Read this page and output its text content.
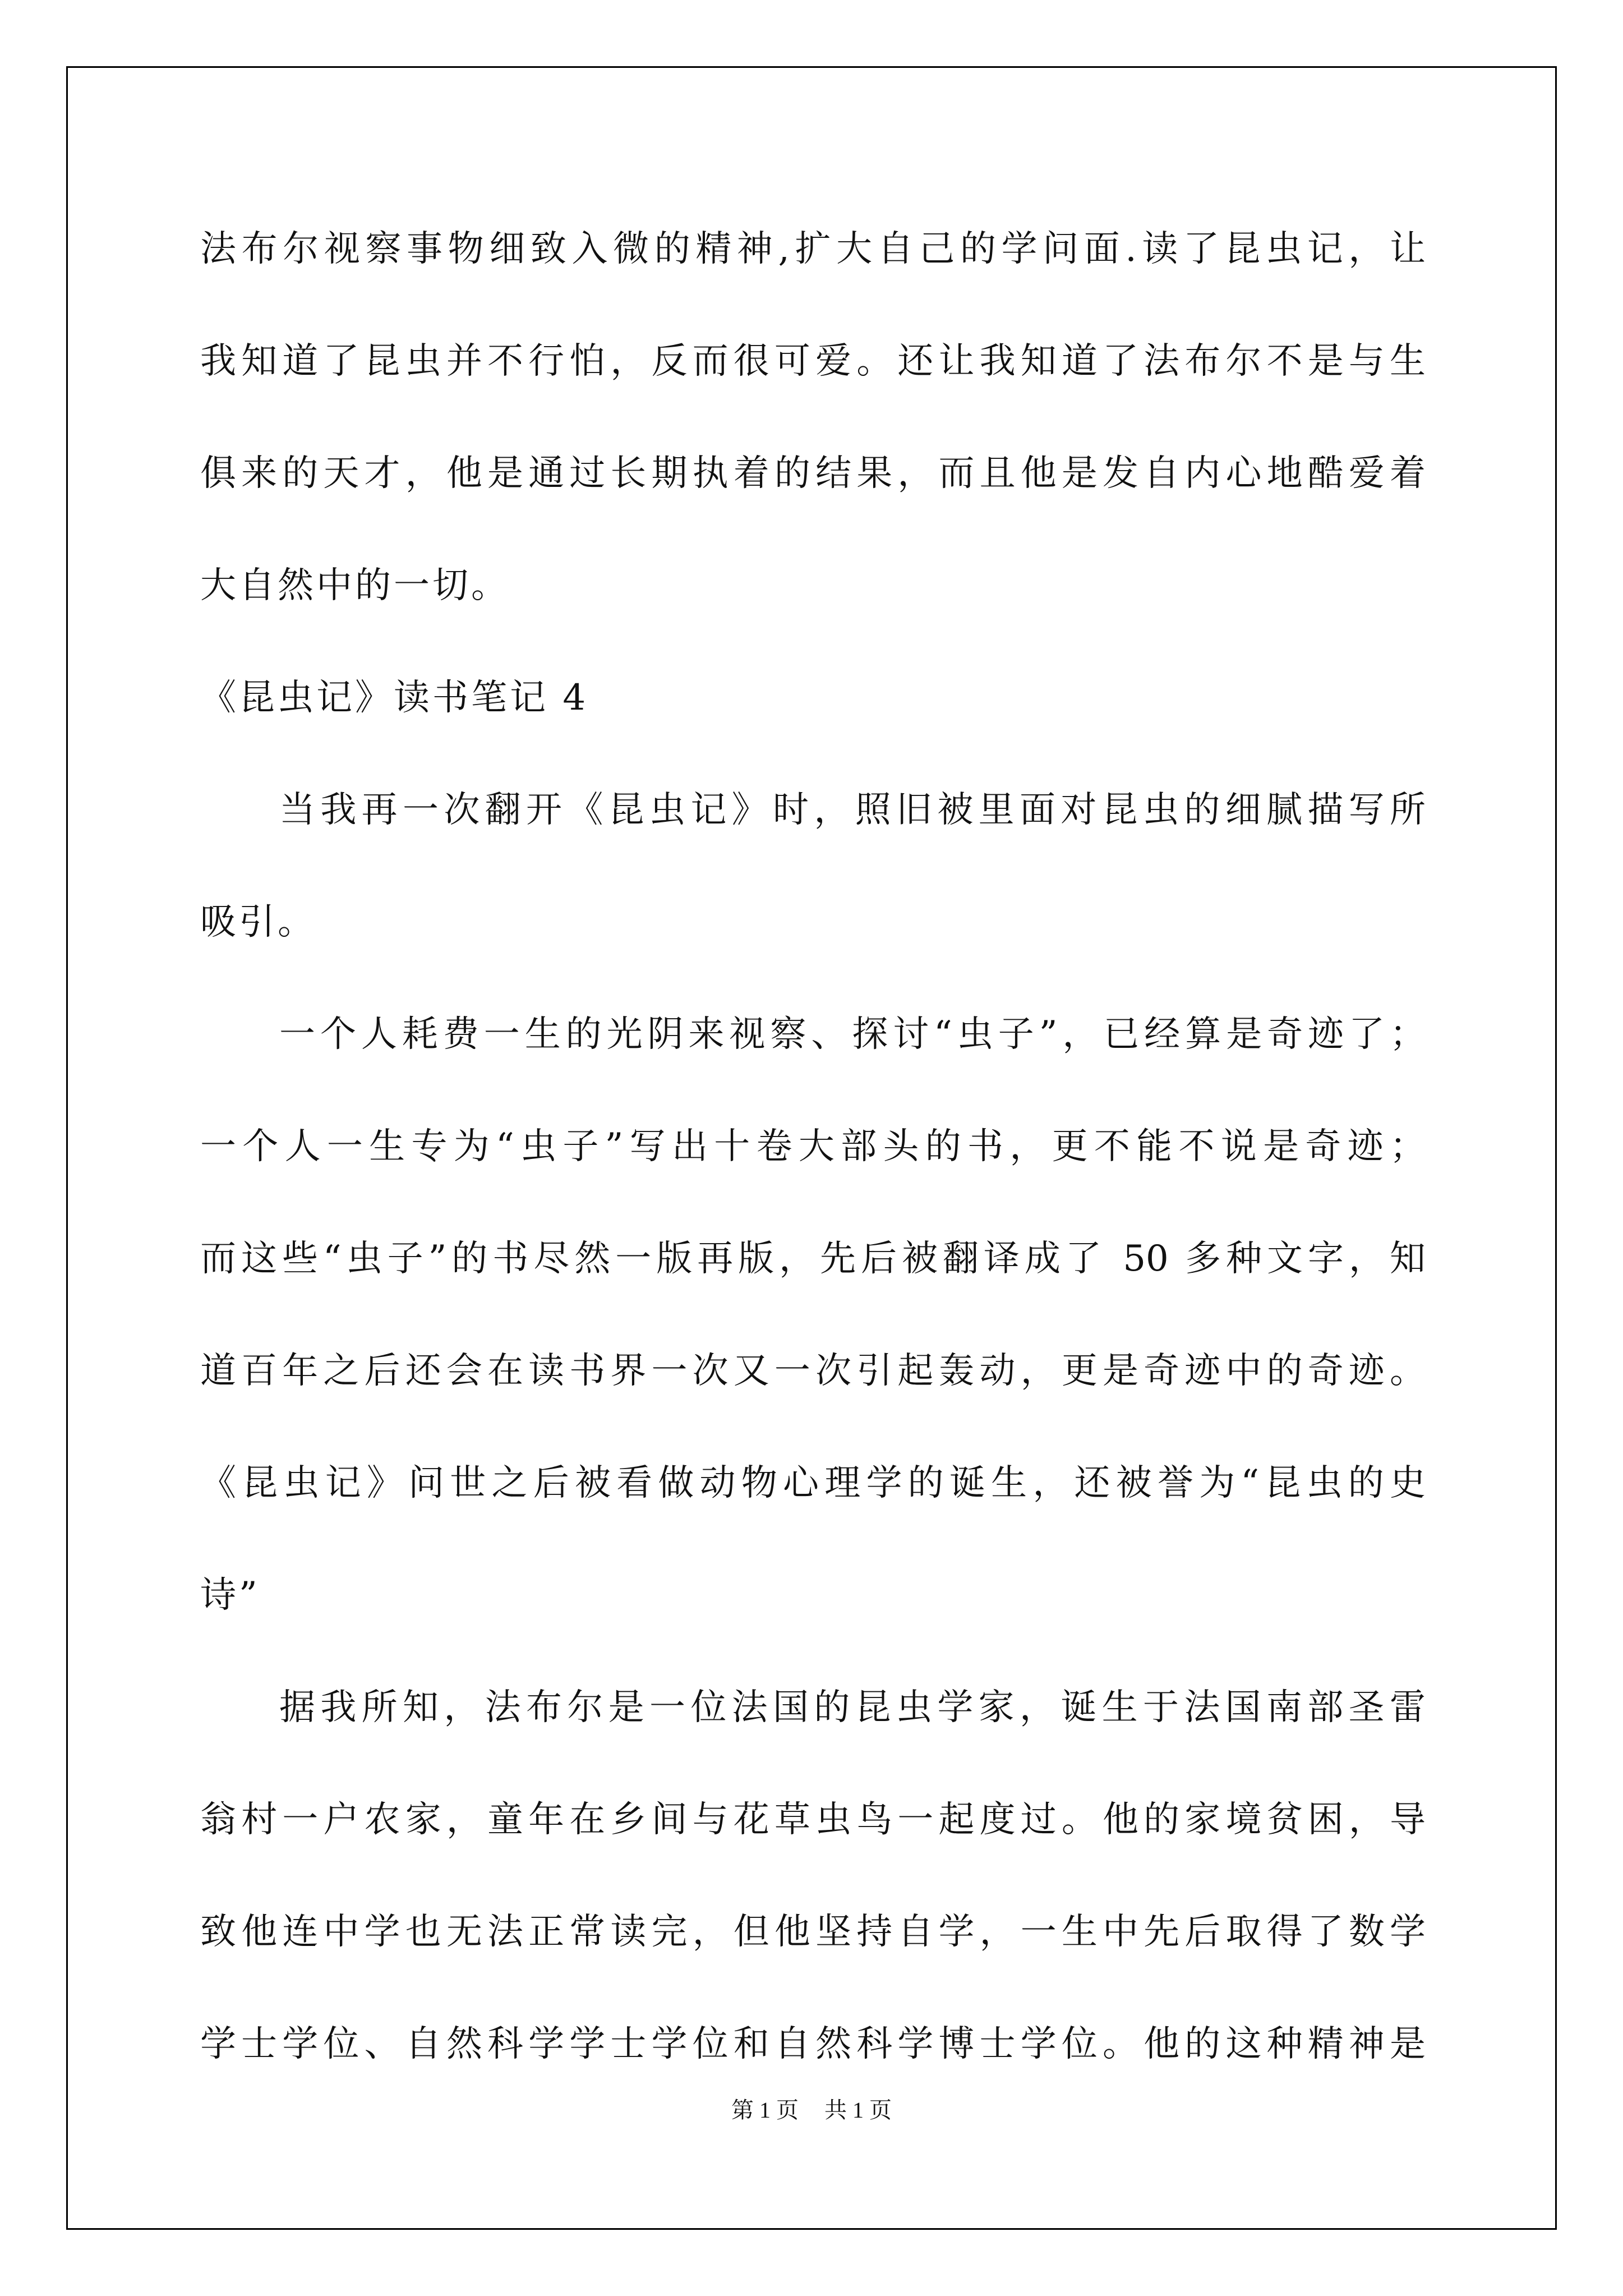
法布尔视察事物细致入微的精神,扩大自己的学问面.读了昆虫记，让

我知道了昆虫并不行怕，反而很可爱。还让我知道了法布尔不是与生

俱来的天才，他是通过长期执着的结果，而且他是发自内心地酷爱着

大自然中的一切。

《昆虫记》读书笔记 4

当我再一次翻开《昆虫记》时，照旧被里面对昆虫的细腻描写所

吸引。

一个人耗费一生的光阴来视察、探讨“虫子”，已经算是奇迹了；

一个人一生专为“虫子”写出十卷大部头的书，更不能不说是奇迹；

而这些“虫子”的书尽然一版再版，先后被翻译成了 50 多种文字，知

道百年之后还会在读书界一次又一次引起轰动，更是奇迹中的奇迹。

《昆虫记》问世之后被看做动物心理学的诞生，还被誉为“昆虫的史

诗”

据我所知，法布尔是一位法国的昆虫学家，诞生于法国南部圣雷

翁村一户农家，童年在乡间与花草虫鸟一起度过。他的家境贫困，导

致他连中学也无法正常读完，但他坚持自学，一生中先后取得了数学

学士学位、自然科学学士学位和自然科学博士学位。他的这种精神是

第 1 页 共 1 页
